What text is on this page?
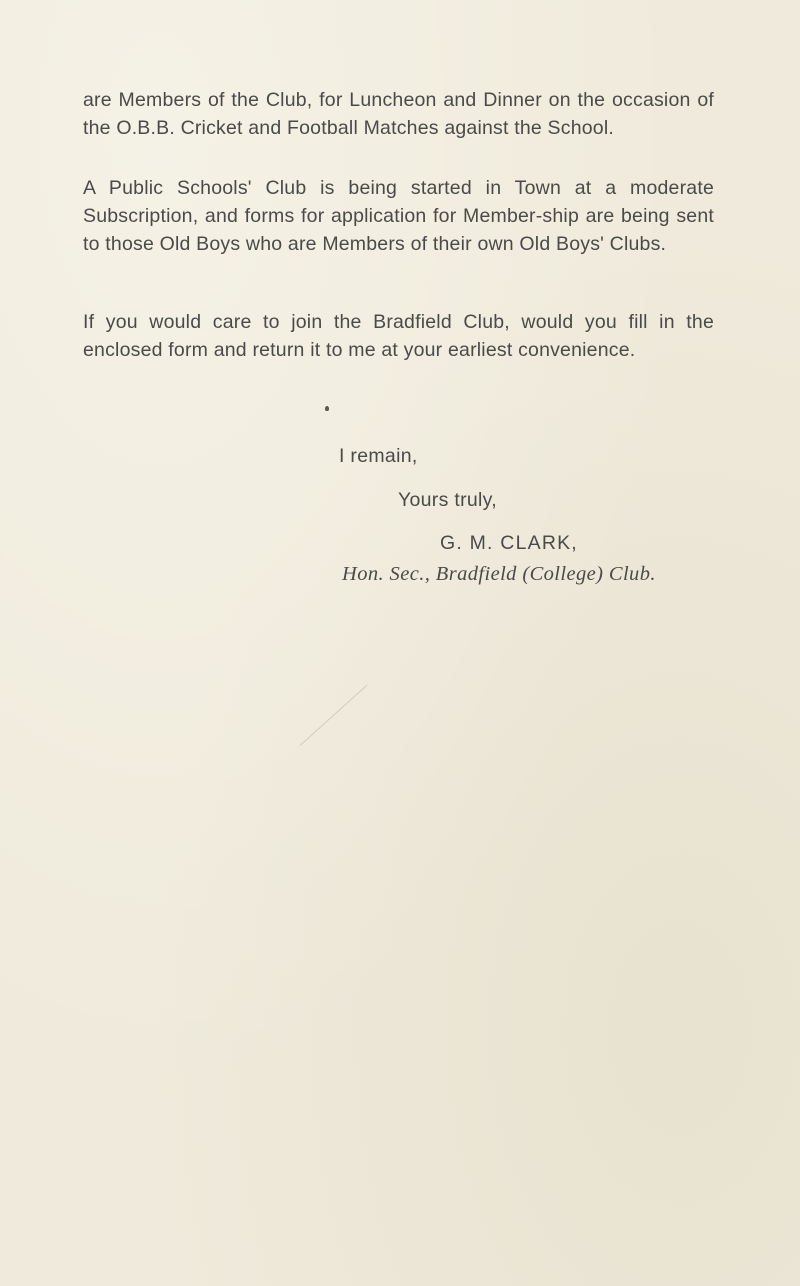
are Members of the Club, for Luncheon and Dinner on the occasion of the O.B.B. Cricket and Football Matches against the School.
A Public Schools' Club is being started in Town at a moderate Subscription, and forms for application for Member-ship are being sent to those Old Boys who are Members of their own Old Boys' Clubs.
If you would care to join the Bradfield Club, would you fill in the enclosed form and return it to me at your earliest convenience.
I remain,
Yours truly,
G. M. CLARK,
Hon. Sec., Bradfield (College) Club.
